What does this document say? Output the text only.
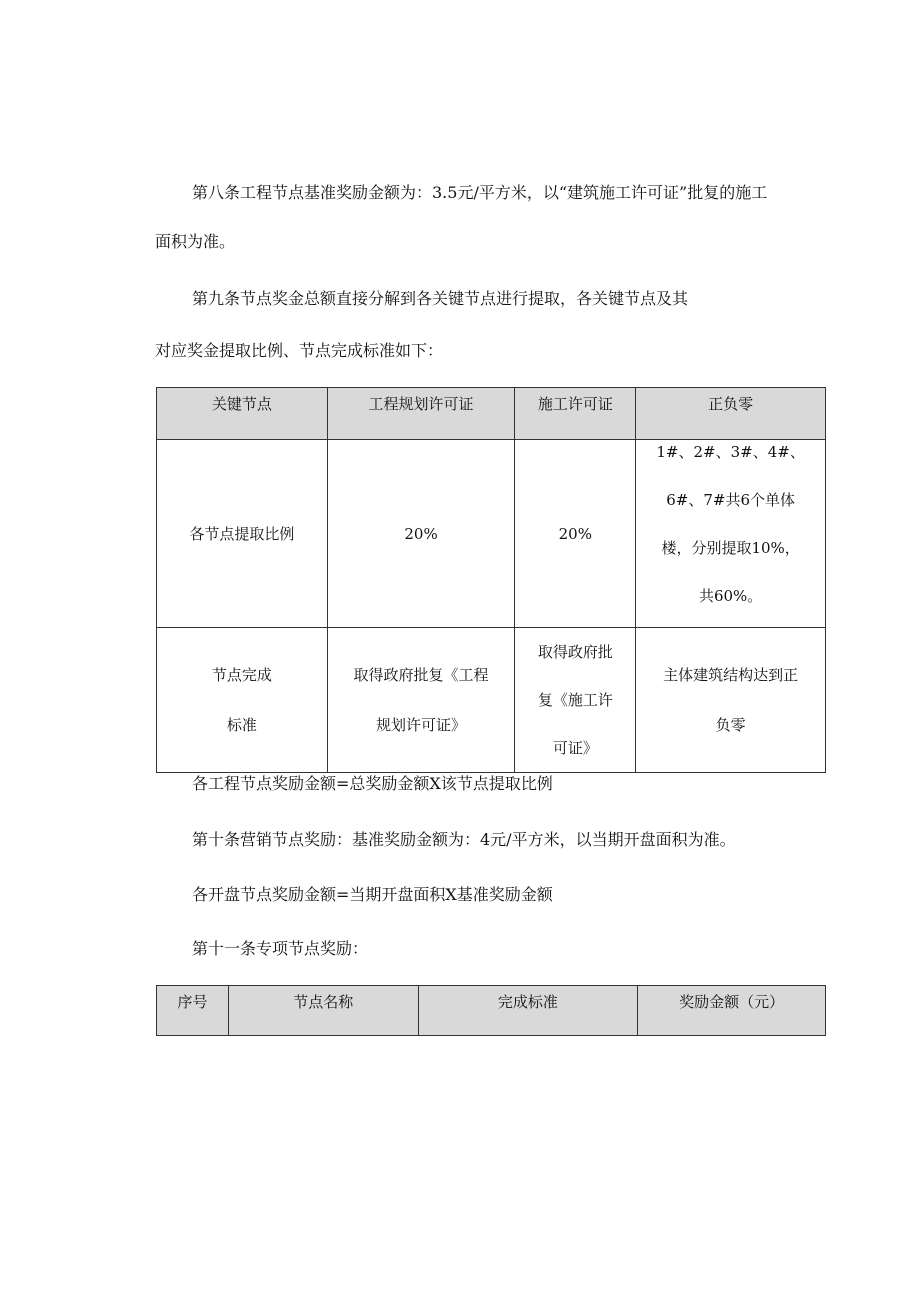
第八条工程节点基准奖励金额为：3.5元/平方米，以“建筑施工许可证”批复的施工

面积为准。

第九条节点奖金总额直接分解到各关键节点进行提取，各关键节点及其

对应奖金提取比例、节点完成标准如下：

关键节点	工程规划许可证	施工许可证	正负零
各节点提取比例	20%	20%	1#、2#、3#、4#、
6#、7#共6个单体
楼，分别提取10%，
共60%。

节点完成
标准	取得政府批复《工程
规划许可证》	取得政府批
复《施工许
可证》	主体建筑结构达到正
负零

各工程节点奖励金额=总奖励金额X该节点提取比例

第十条营销节点奖励：基准奖励金额为：4元/平方米，以当期开盘面积为准。

各开盘节点奖励金额=当期开盘面积X基准奖励金额

第十一条专项节点奖励：

序号	节点名称	完成标准	奖励金额（元）
